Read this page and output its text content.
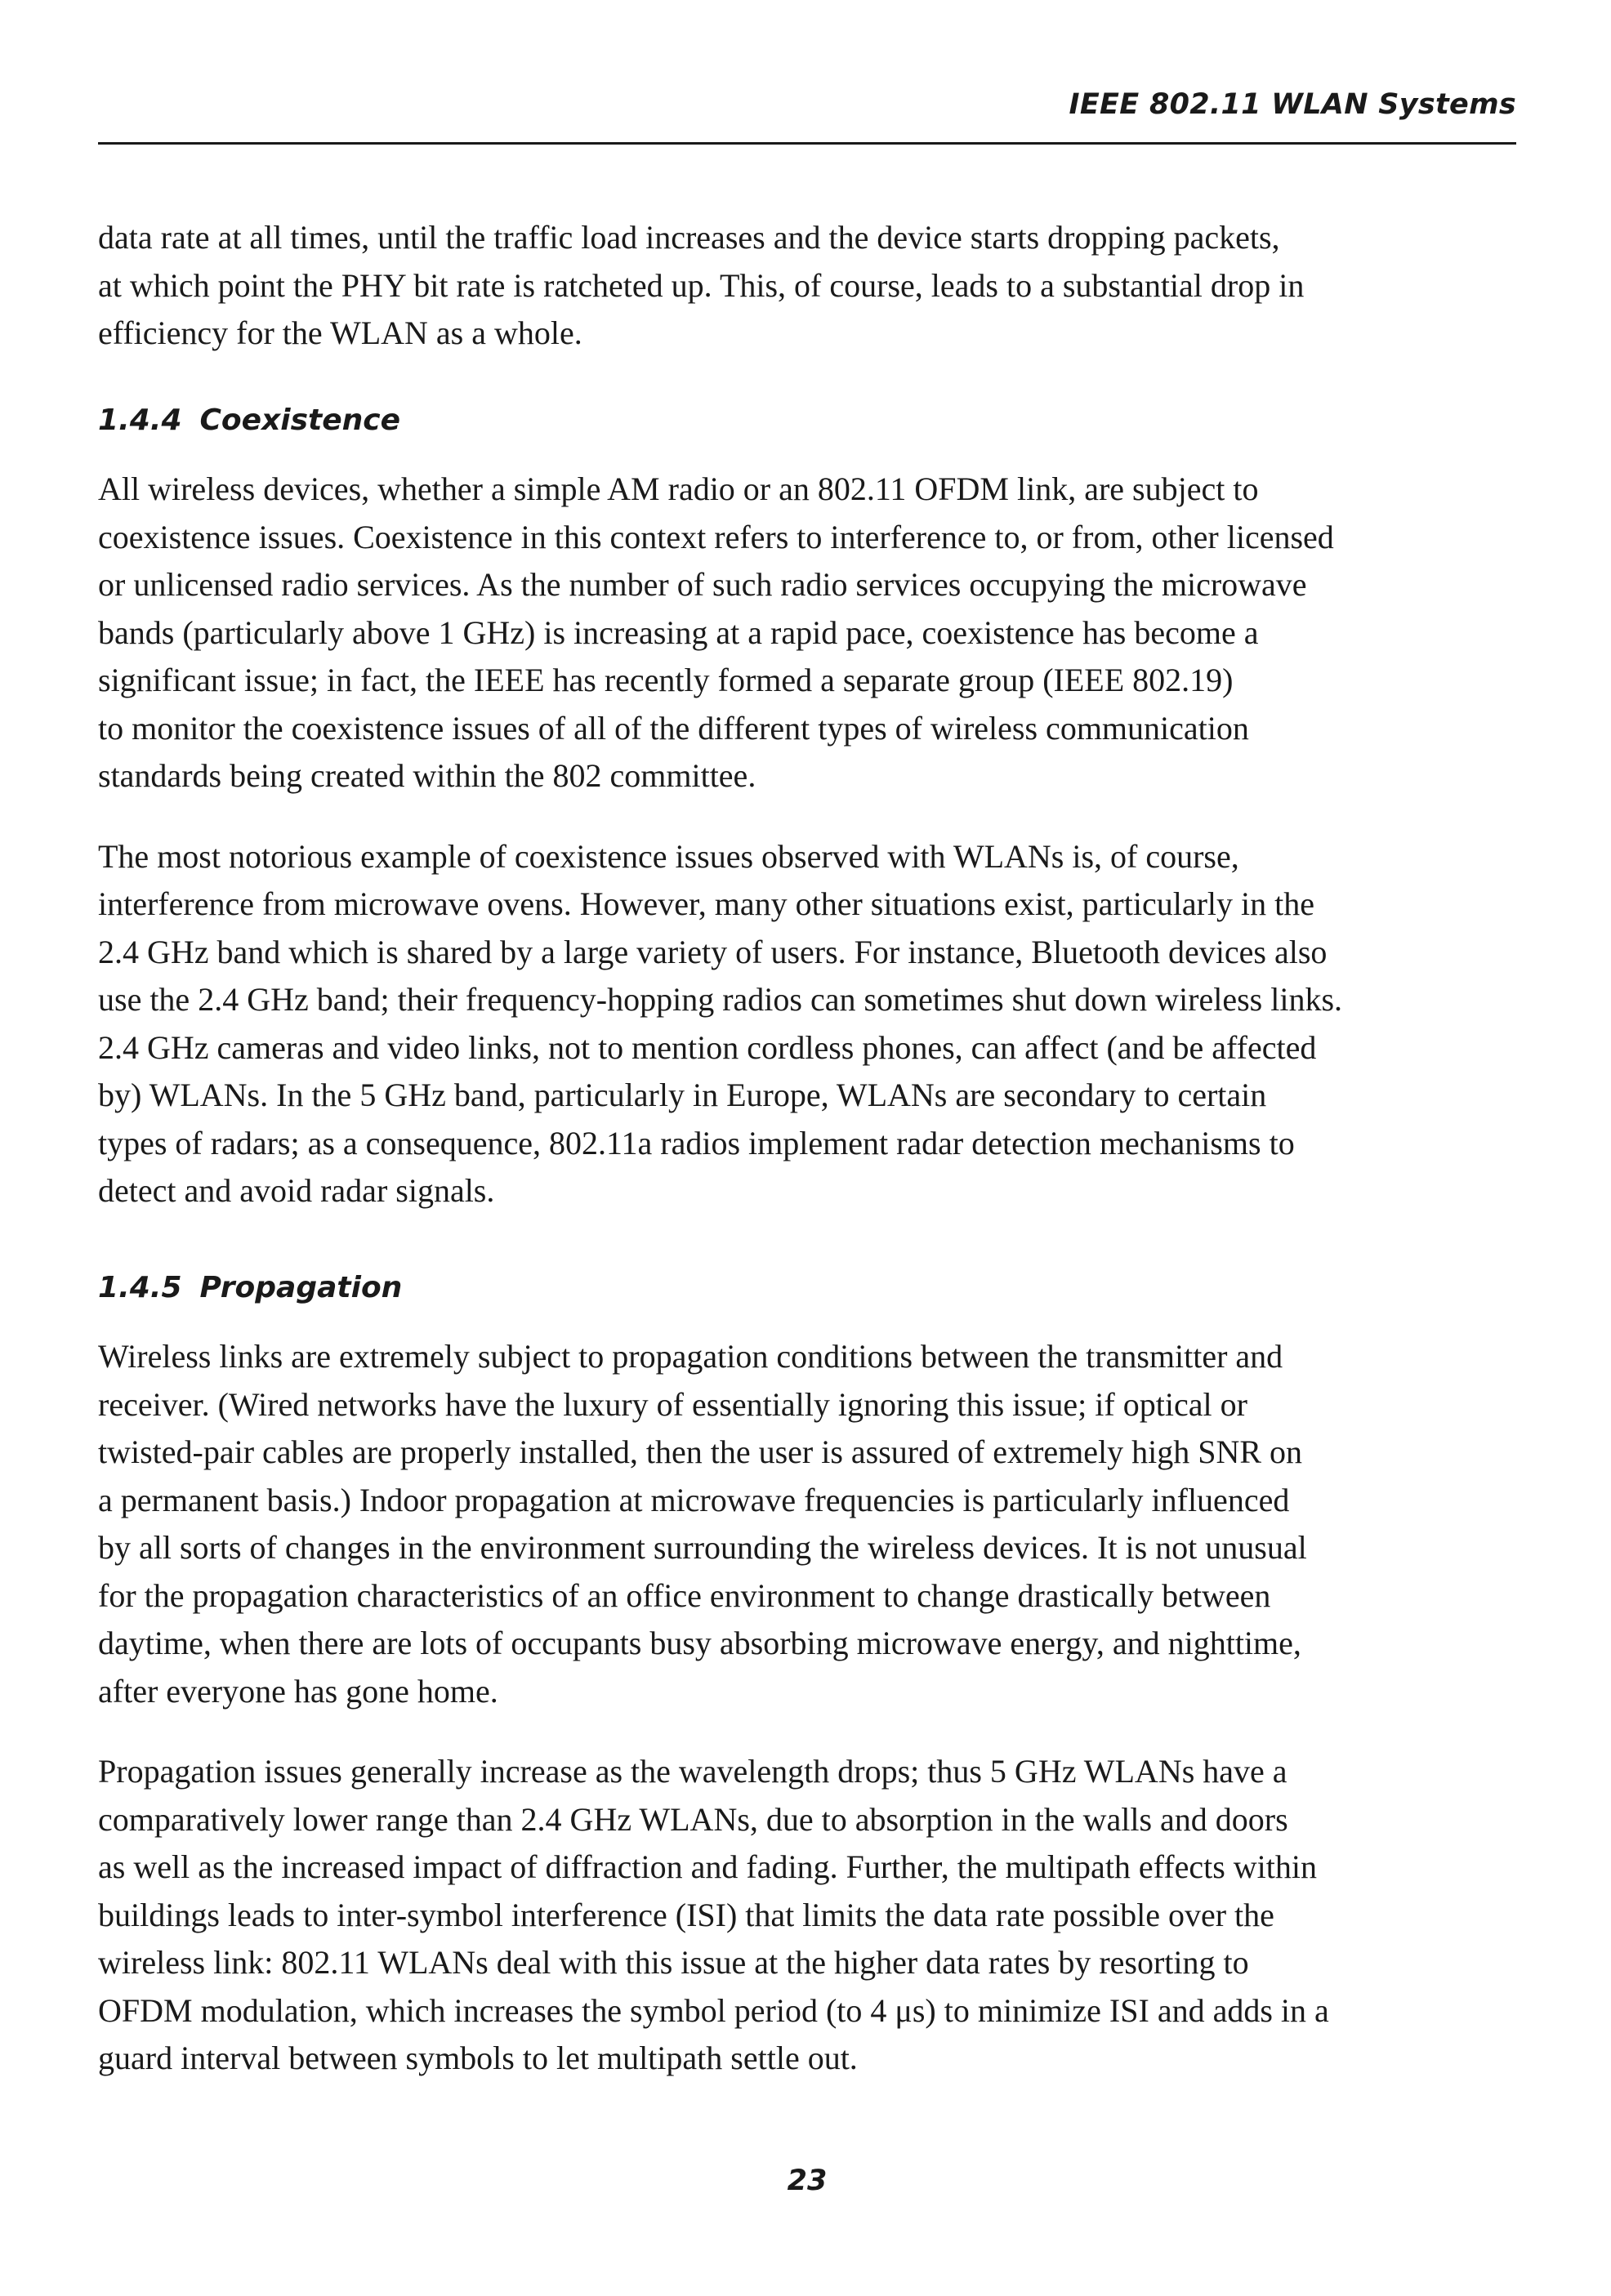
IEEE 802.11 WLAN Systems

data rate at all times, until the traffic load increases and the device starts dropping packets,
at which point the PHY bit rate is ratcheted up. This, of course, leads to a substantial drop in
efficiency for the WLAN as a whole.

1.4.4 Coexistence

All wireless devices, whether a simple AM radio or an 802.11 OFDM link, are subject to
coexistence issues. Coexistence in this context refers to interference to, or from, other licensed
or unlicensed radio services. As the number of such radio services occupying the microwave
bands (particularly above 1 GHz) is increasing at a rapid pace, coexistence has become a
significant issue; in fact, the IEEE has recently formed a separate group (IEEE 802.19)
to monitor the coexistence issues of all of the different types of wireless communication
standards being created within the 802 committee.

The most notorious example of coexistence issues observed with WLANs is, of course,
interference from microwave ovens. However, many other situations exist, particularly in the
2.4 GHz band which is shared by a large variety of users. For instance, Bluetooth devices also
use the 2.4 GHz band; their frequency-hopping radios can sometimes shut down wireless links.
2.4 GHz cameras and video links, not to mention cordless phones, can affect (and be affected
by) WLANs. In the 5 GHz band, particularly in Europe, WLANs are secondary to certain
types of radars; as a consequence, 802.11a radios implement radar detection mechanisms to
detect and avoid radar signals.

1.4.5 Propagation

Wireless links are extremely subject to propagation conditions between the transmitter and
receiver. (Wired networks have the luxury of essentially ignoring this issue; if optical or
twisted-pair cables are properly installed, then the user is assured of extremely high SNR on
a permanent basis.) Indoor propagation at microwave frequencies is particularly influenced
by all sorts of changes in the environment surrounding the wireless devices. It is not unusual
for the propagation characteristics of an office environment to change drastically between
daytime, when there are lots of occupants busy absorbing microwave energy, and nighttime,
after everyone has gone home.

Propagation issues generally increase as the wavelength drops; thus 5 GHz WLANs have a
comparatively lower range than 2.4 GHz WLANs, due to absorption in the walls and doors
as well as the increased impact of diffraction and fading. Further, the multipath effects within
buildings leads to inter-symbol interference (ISI) that limits the data rate possible over the
wireless link: 802.11 WLANs deal with this issue at the higher data rates by resorting to
OFDM modulation, which increases the symbol period (to 4 μs) to minimize ISI and adds in a
guard interval between symbols to let multipath settle out.

23
